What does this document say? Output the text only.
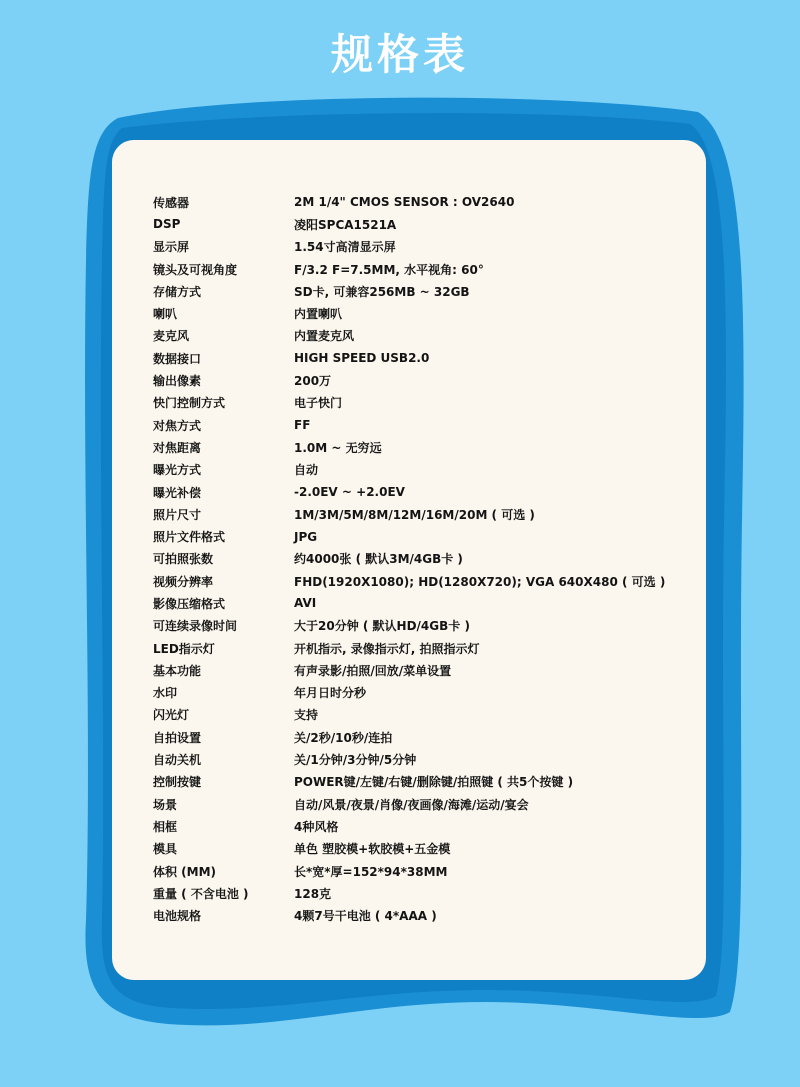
规格表
传感器	2M 1/4" CMOS SENSOR : OV2640
DSP	凌阳SPCA1521A
显示屏	1.54寸高清显示屏
镜头及可视角度	F/3.2 F=7.5MM, 水平视角: 60°
存储方式	SD卡, 可兼容256MB ~ 32GB
喇叭	内置喇叭
麦克风	内置麦克风
数据接口	HIGH SPEED USB2.0
输出像素	200万
快门控制方式	电子快门
对焦方式	FF
对焦距离	1.0M ~ 无穷远
曝光方式	自动
曝光补偿	-2.0EV ~ +2.0EV
照片尺寸	1M/3M/5M/8M/12M/16M/20M ( 可选 )
照片文件格式	JPG
可拍照张数	约4000张 ( 默认3M/4GB卡 )
视频分辨率	FHD(1920X1080); HD(1280X720); VGA 640X480 ( 可选 )
影像压缩格式	AVI
可连续录像时间	大于20分钟 ( 默认HD/4GB卡 )
LED指示灯	开机指示, 录像指示灯, 拍照指示灯
基本功能	有声录影/拍照/回放/菜单设置
水印	年月日时分秒
闪光灯	支持
自拍设置	关/2秒/10秒/连拍
自动关机	关/1分钟/3分钟/5分钟
控制按键	POWER键/左键/右键/删除键/拍照键 ( 共5个按键 )
场景	自动/风景/夜景/肖像/夜画像/海滩/运动/宴会
相框	4种风格
模具	单色 塑胶模+软胶模+五金模
体积 (MM)	长*宽*厚=152*94*38MM
重量 ( 不含电池 )	128克
电池规格	4颗7号干电池 ( 4*AAA )
